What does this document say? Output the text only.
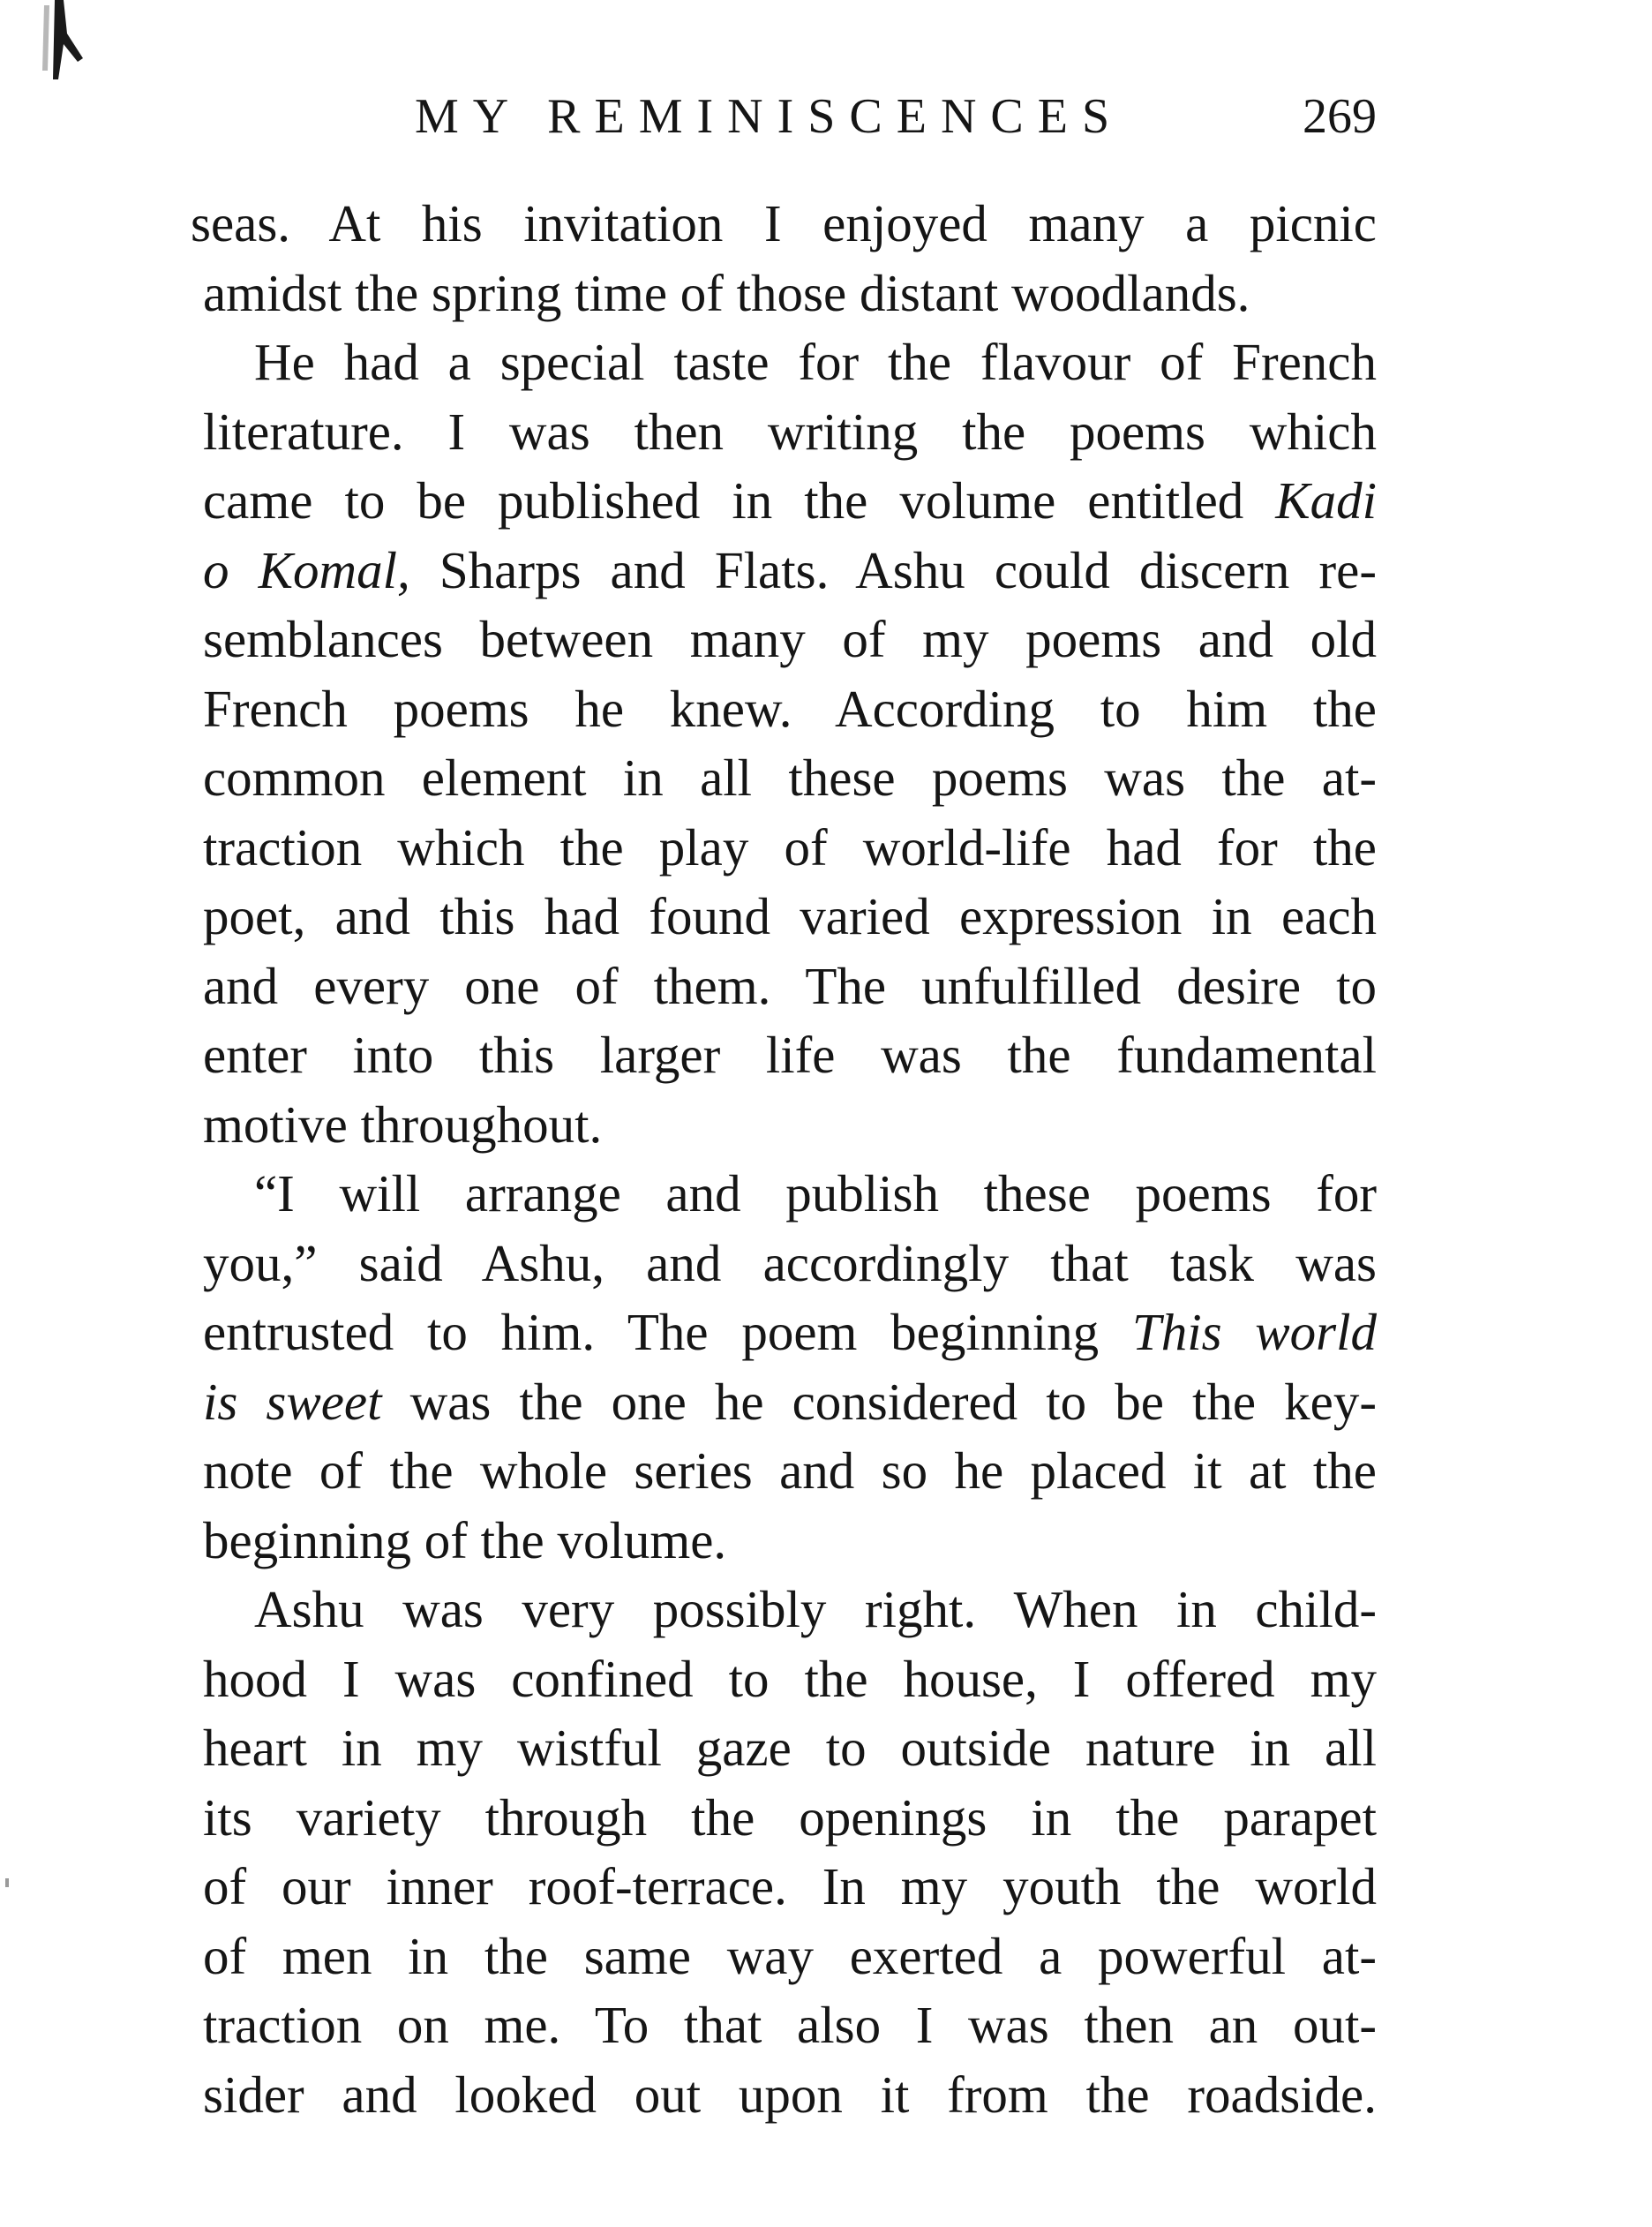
MY REMINISCENCES	269
seas. At his invitation I enjoyed many a picnic
amidst the spring time of those distant woodlands.
He had a special taste for the flavour of French
literature. I was then writing the poems which
came to be published in the volume entitled Kadi
o Komal, Sharps and Flats. Ashu could discern re-
semblances between many of my poems and old
French poems he knew. According to him the
common element in all these poems was the at-
traction which the play of world-life had for the
poet, and this had found varied expression in each
and every one of them. The unfulfilled desire to
enter into this larger life was the fundamental
motive throughout.
“I will arrange and publish these poems for
you,” said Ashu, and accordingly that task was
entrusted to him. The poem beginning This world
is sweet was the one he considered to be the key-
note of the whole series and so he placed it at the
beginning of the volume.
Ashu was very possibly right. When in child-
hood I was confined to the house, I offered my
heart in my wistful gaze to outside nature in all
its variety through the openings in the parapet
of our inner roof-terrace. In my youth the world
of men in the same way exerted a powerful at-
traction on me. To that also I was then an out-
sider and looked out upon it from the roadside.
